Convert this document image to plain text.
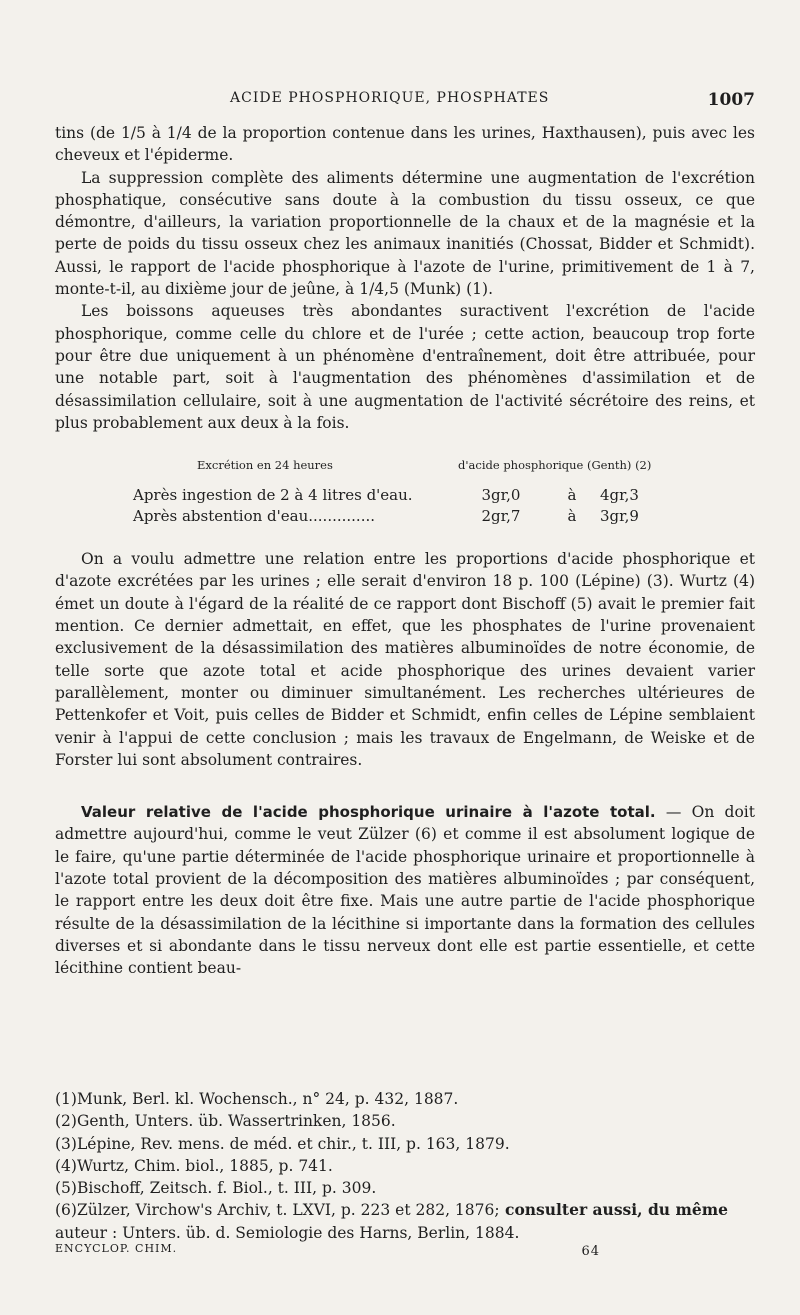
ACIDE PHOSPHORIQUE, PHOSPHATES	1007

tins (de 1/5 à 1/4 de la proportion contenue dans les urines, Haxthausen), puis avec les cheveux et l'épiderme.

La suppression complète des aliments détermine une augmentation de l'excrétion phosphatique, consécutive sans doute à la combustion du tissu osseux, ce que démontre, d'ailleurs, la variation proportionnelle de la chaux et de la magnésie et la perte de poids du tissu osseux chez les animaux inanitiés (Chossat, Bidder et Schmidt). Aussi, le rapport de l'acide phosphorique à l'azote de l'urine, primitivement de 1 à 7, monte-t-il, au dixième jour de jeûne, à 1/4,5 (Munk) (1).

Les boissons aqueuses très abondantes suractivent l'excrétion de l'acide phosphorique, comme celle du chlore et de l'urée ; cette action, beaucoup trop forte pour être due uniquement à un phénomène d'entraînement, doit être attribuée, pour une notable part, soit à l'augmentation des phénomènes d'assimilation et de désassimilation cellulaire, soit à une augmentation de l'activité sécrétoire des reins, et plus probablement aux deux à la fois.

Excrétion en 24 heures	d'acide phosphorique (Genth) (2)
Après ingestion de 2 à 4 litres d'eau.	3gr,0	à 4gr,3
Après abstention d'eau..............	2gr,7	à 3gr,9

On a voulu admettre une relation entre les proportions d'acide phosphorique et d'azote excrétées par les urines ; elle serait d'environ 18 p. 100 (Lépine) (3). Wurtz (4) émet un doute à l'égard de la réalité de ce rapport dont Bischoff (5) avait le premier fait mention. Ce dernier admettait, en effet, que les phosphates de l'urine provenaient exclusivement de la désassimilation des matières albuminoïdes de notre économie, de telle sorte que azote total et acide phosphorique des urines devaient varier parallèlement, monter ou diminuer simultanément. Les recherches ultérieures de Pettenkofer et Voit, puis celles de Bidder et Schmidt, enfin celles de Lépine semblaient venir à l'appui de cette conclusion ; mais les travaux de Engelmann, de Weiske et de Forster lui sont absolument contraires.

Valeur relative de l'acide phosphorique urinaire à l'azote total. — On doit admettre aujourd'hui, comme le veut Zülzer (6) et comme il est absolument logique de le faire, qu'une partie déterminée de l'acide phosphorique urinaire et proportionnelle à l'azote total provient de la décomposition des matières albuminoïdes ; par conséquent, le rapport entre les deux doit être fixe. Mais une autre partie de l'acide phosphorique résulte de la désassimilation de la lécithine si importante dans la formation des cellules diverses et si abondante dans le tissu nerveux dont elle est partie essentielle, et cette lécithine contient beau-

(1)Munk, Berl. kl. Wochensch., n° 24, p. 432, 1887.

(2)Genth, Unters. üb. Wassertrinken, 1856.

(3)Lépine, Rev. mens. de méd. et chir., t. III, p. 163, 1879.

(4)Wurtz, Chim. biol., 1885, p. 741.

(5)Bischoff, Zeitsch. f. Biol., t. III, p. 309.

(6)Zülzer, Virchow's Archiv, t. LXVI, p. 223 et 282, 1876; consulter aussi, du même

auteur : Unters. üb. d. Semiologie des Harns, Berlin, 1884.

ENCYCLOP. CHIM.	64
